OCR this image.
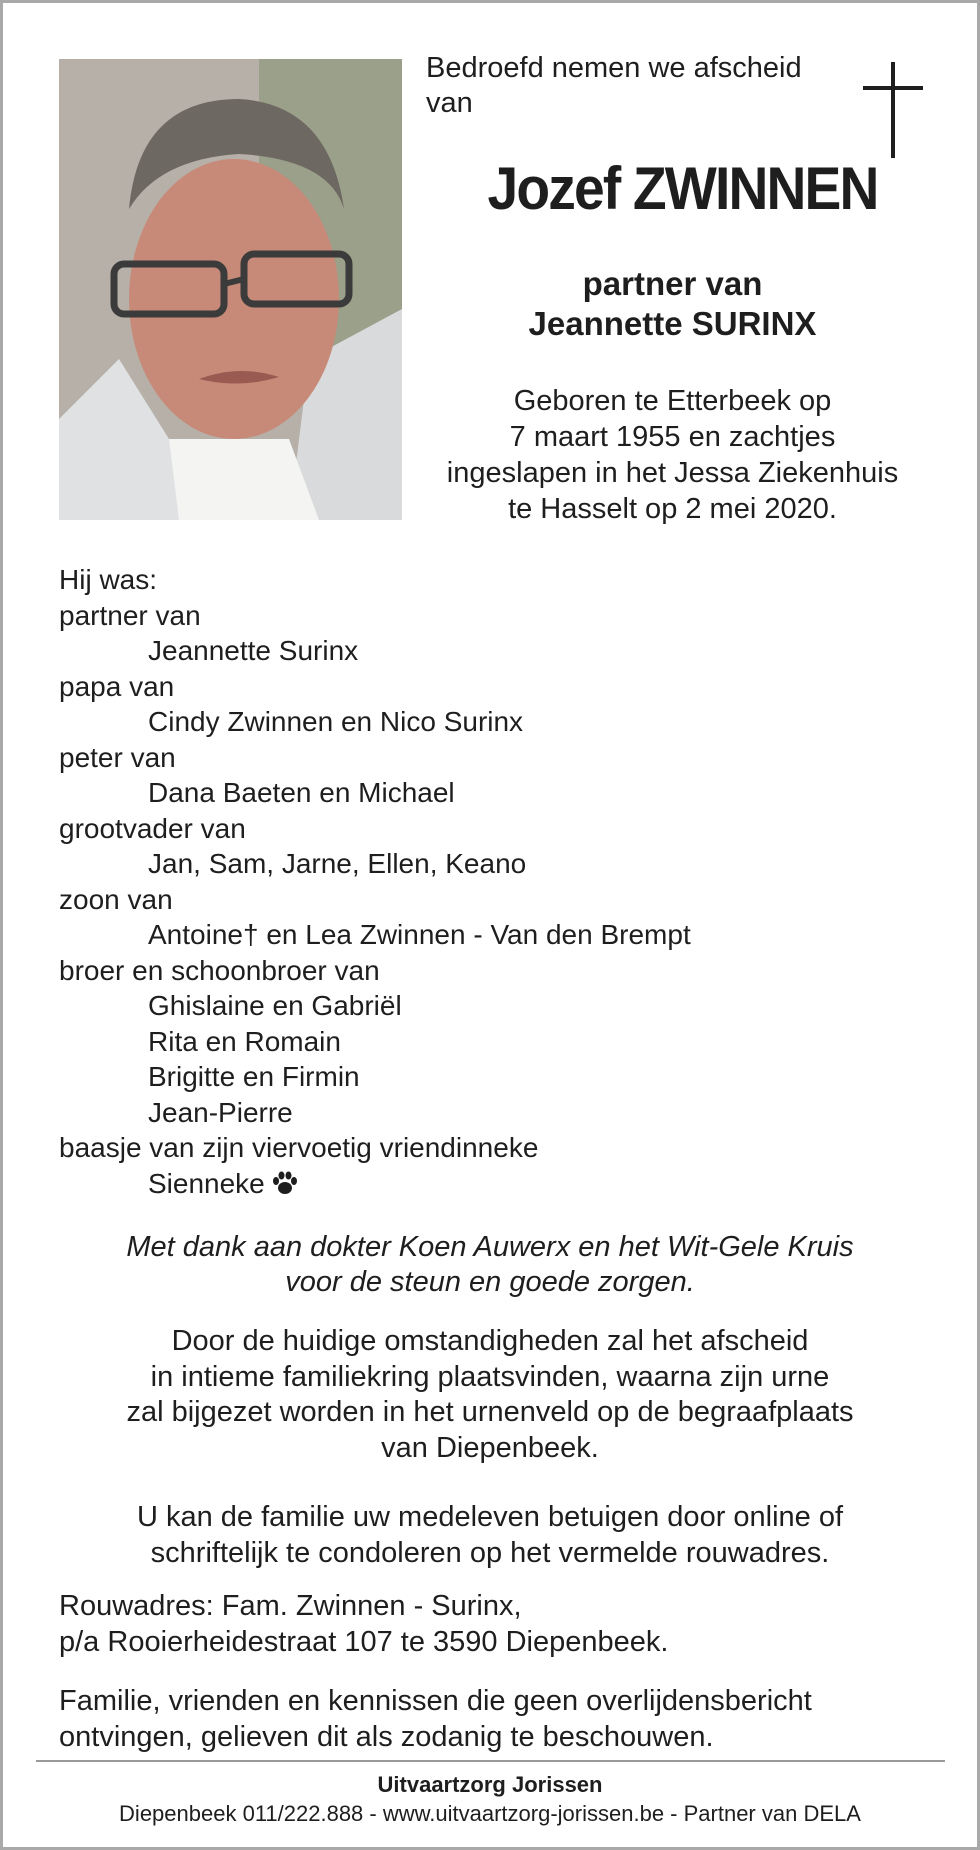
Bedroefd nemen we afscheid van
Jozef ZWINNEN
partner van
Jeannette SURINX
Geboren te Etterbeek op
7 maart 1955 en zachtjes
ingeslapen in het Jessa Ziekenhuis
te Hasselt op 2 mei 2020.
Hij was:
partner van
Jeannette Surinx
papa van
Cindy Zwinnen en Nico Surinx
peter van
Dana Baeten en Michael
grootvader van
Jan, Sam, Jarne, Ellen, Keano
zoon van
Antoine† en Lea Zwinnen - Van den Brempt
broer en schoonbroer van
Ghislaine en Gabriël
Rita en Romain
Brigitte en Firmin
Jean-Pierre
baasje van zijn viervoetig vriendinneke
Sienneke
Met dank aan dokter Koen Auwerx en het Wit-Gele Kruis
voor de steun en goede zorgen.
Door de huidige omstandigheden zal het afscheid
in intieme familiekring plaatsvinden, waarna zijn urne
zal bijgezet worden in het urnenveld op de begraafplaats
van Diepenbeek.
U kan de familie uw medeleven betuigen door online of
schriftelijk te condoleren op het vermelde rouwadres.
Rouwadres: Fam. Zwinnen - Surinx,
p/a Rooierheidestraat 107 te 3590 Diepenbeek.
Familie, vrienden en kennissen die geen overlijdensbericht
ontvingen, gelieven dit als zodanig te beschouwen.
Uitvaartzorg Jorissen
Diepenbeek 011/222.888 - www.uitvaartzorg-jorissen.be - Partner van DELA
